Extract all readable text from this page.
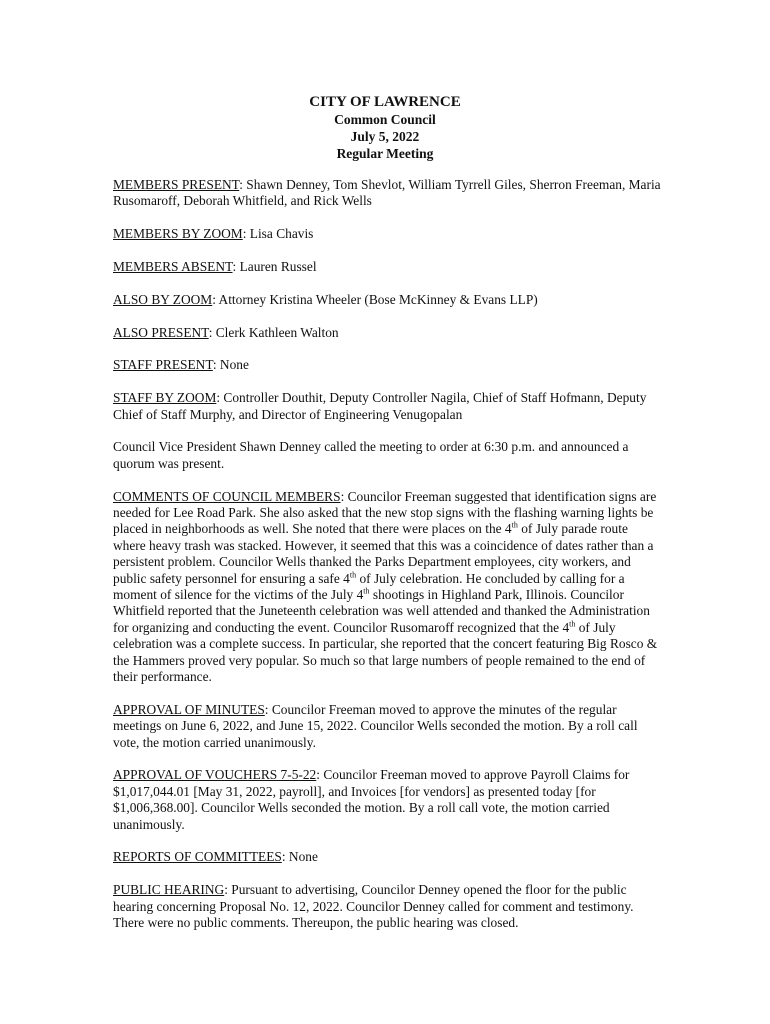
CITY OF LAWRENCE
Common Council
July 5, 2022
Regular Meeting

MEMBERS PRESENT: Shawn Denney, Tom Shevlot, William Tyrrell Giles, Sherron Freeman, Maria Rusomaroff, Deborah Whitfield, and Rick Wells

MEMBERS BY ZOOM: Lisa Chavis

MEMBERS ABSENT: Lauren Russel

ALSO BY ZOOM: Attorney Kristina Wheeler (Bose McKinney & Evans LLP)

ALSO PRESENT: Clerk Kathleen Walton

STAFF PRESENT: None

STAFF BY ZOOM: Controller Douthit, Deputy Controller Nagila, Chief of Staff Hofmann, Deputy Chief of Staff Murphy, and Director of Engineering Venugopalan

Council Vice President Shawn Denney called the meeting to order at 6:30 p.m. and announced a quorum was present.

COMMENTS OF COUNCIL MEMBERS: Councilor Freeman suggested that identification signs are needed for Lee Road Park. She also asked that the new stop signs with the flashing warning lights be placed in neighborhoods as well. She noted that there were places on the 4th of July parade route where heavy trash was stacked. However, it seemed that this was a coincidence of dates rather than a persistent problem. Councilor Wells thanked the Parks Department employees, city workers, and public safety personnel for ensuring a safe 4th of July celebration. He concluded by calling for a moment of silence for the victims of the July 4th shootings in Highland Park, Illinois. Councilor Whitfield reported that the Juneteenth celebration was well attended and thanked the Administration for organizing and conducting the event. Councilor Rusomaroff recognized that the 4th of July celebration was a complete success. In particular, she reported that the concert featuring Big Rosco & the Hammers proved very popular. So much so that large numbers of people remained to the end of their performance.

APPROVAL OF MINUTES: Councilor Freeman moved to approve the minutes of the regular meetings on June 6, 2022, and June 15, 2022. Councilor Wells seconded the motion. By a roll call vote, the motion carried unanimously.

APPROVAL OF VOUCHERS 7-5-22: Councilor Freeman moved to approve Payroll Claims for $1,017,044.01 [May 31, 2022, payroll], and Invoices [for vendors] as presented today [for $1,006,368.00]. Councilor Wells seconded the motion. By a roll call vote, the motion carried unanimously.

REPORTS OF COMMITTEES: None

PUBLIC HEARING: Pursuant to advertising, Councilor Denney opened the floor for the public hearing concerning Proposal No. 12, 2022. Councilor Denney called for comment and testimony. There were no public comments. Thereupon, the public hearing was closed.
